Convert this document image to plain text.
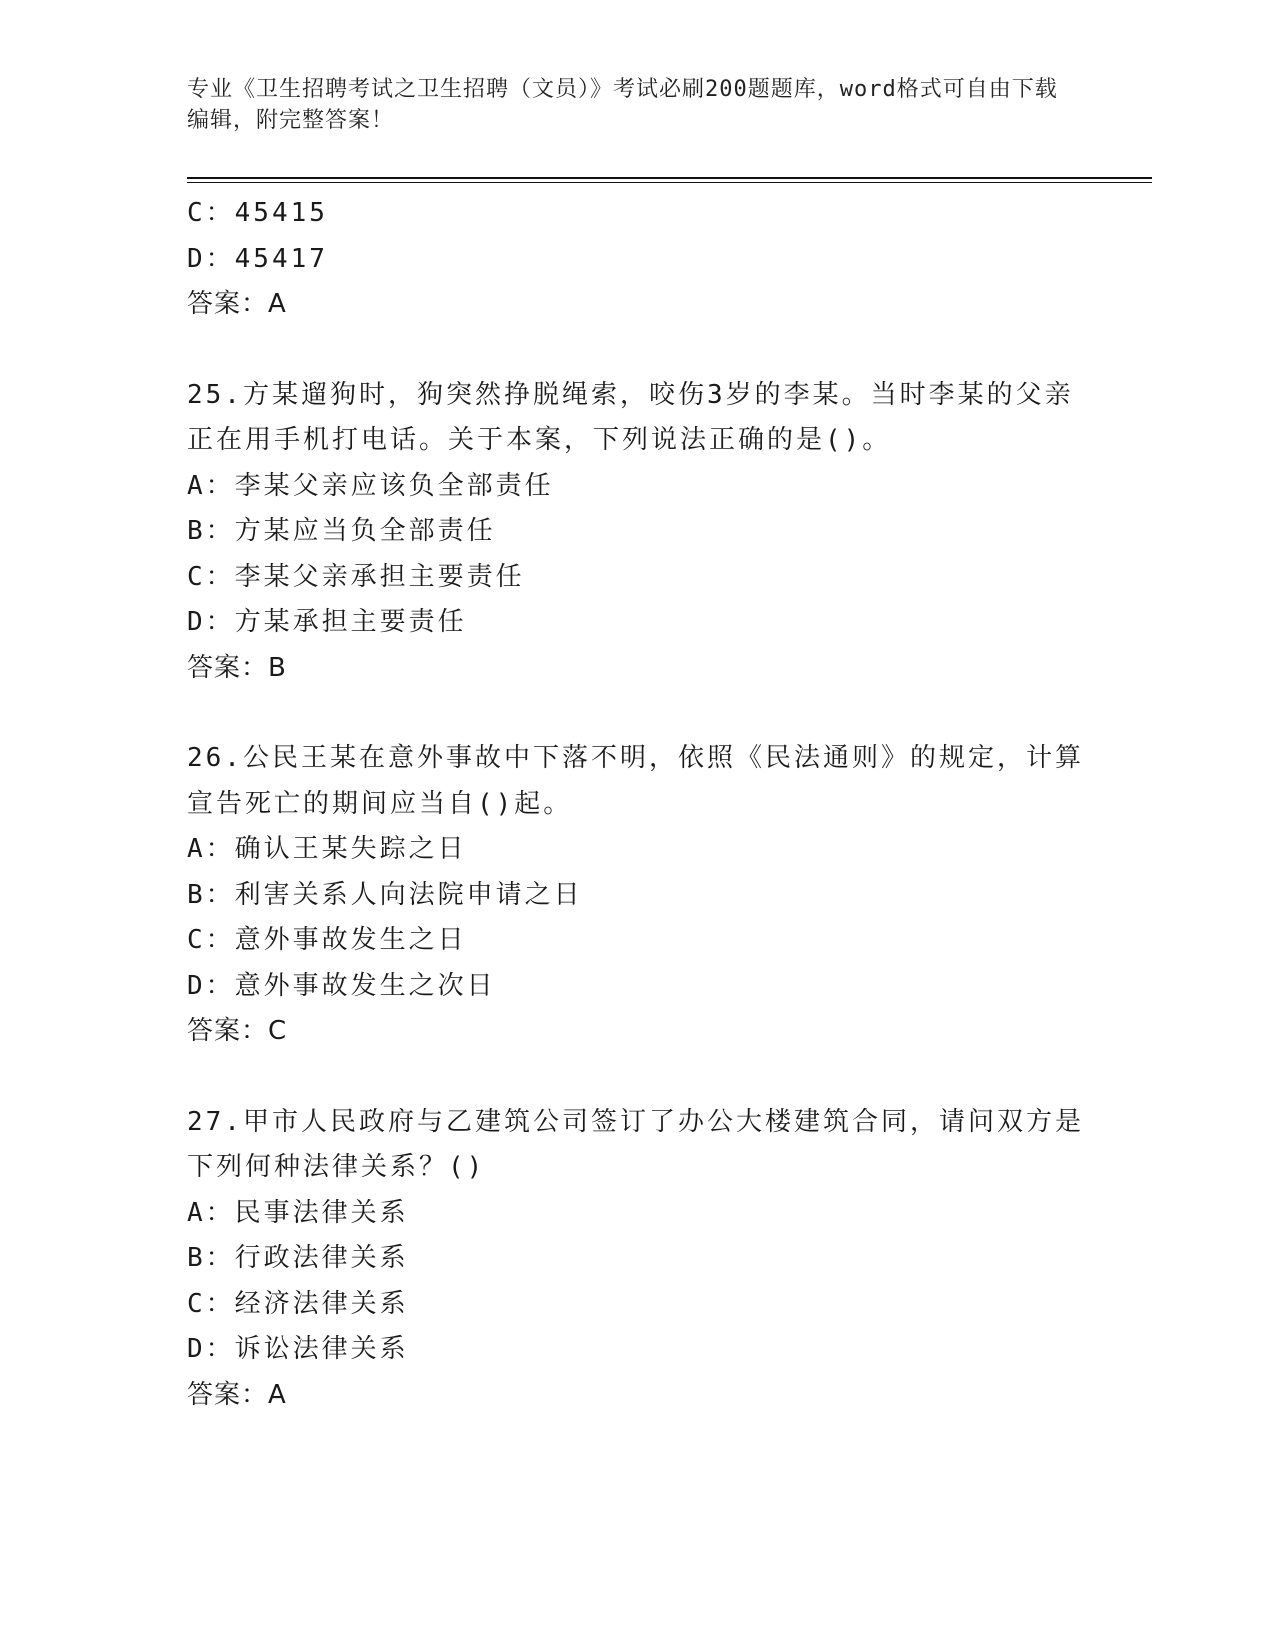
专业《卫生招聘考试之卫生招聘（文员）》考试必刷200题题库，word格式可自由下载编辑，附完整答案！
C：45415
D：45417
答案：A
25.方某遛狗时，狗突然挣脱绳索，咬伤3岁的李某。当时李某的父亲正在用手机打电话。关于本案，下列说法正确的是()。
A：李某父亲应该负全部责任
B：方某应当负全部责任
C：李某父亲承担主要责任
D：方某承担主要责任
答案：B
26.公民王某在意外事故中下落不明，依照《民法通则》的规定，计算宣告死亡的期间应当自()起。
A：确认王某失踪之日
B：利害关系人向法院申请之日
C：意外事故发生之日
D：意外事故发生之次日
答案：C
27.甲市人民政府与乙建筑公司签订了办公大楼建筑合同，请问双方是下列何种法律关系？()
A：民事法律关系
B：行政法律关系
C：经济法律关系
D：诉讼法律关系
答案：A
